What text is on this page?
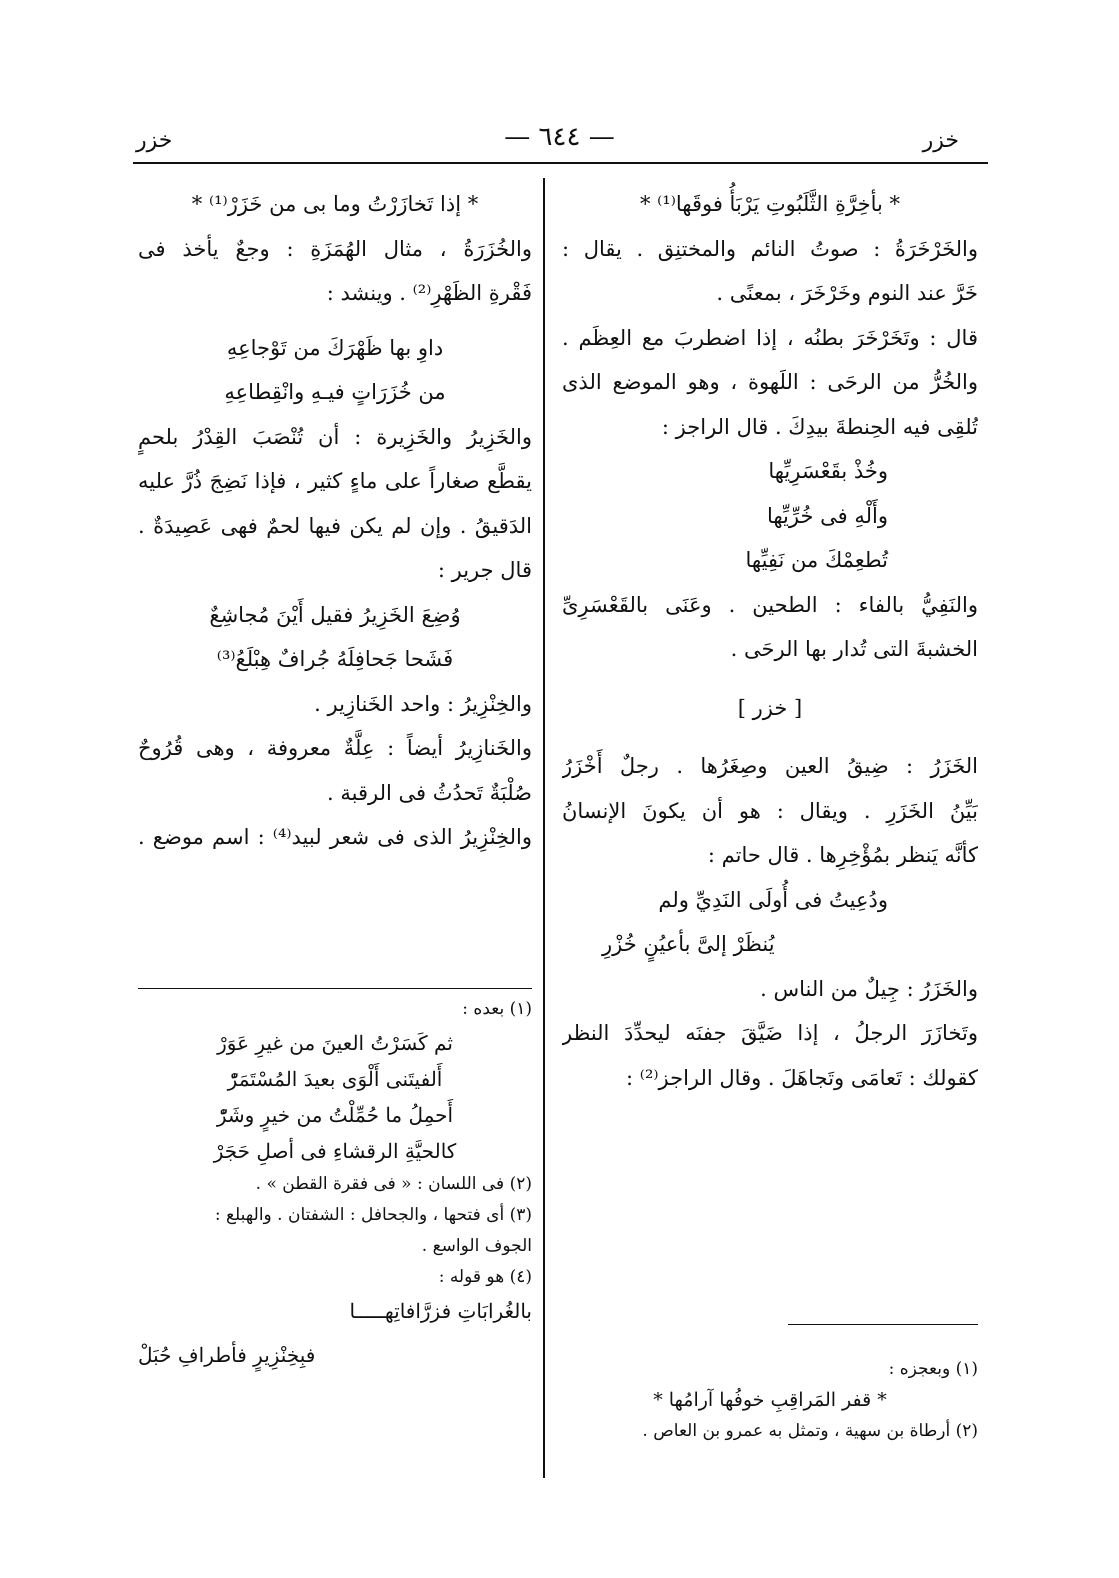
خزر
— ٦٤٤ —
خزر
* بأخِرَّةِ الثَّلَبُوتِ يَرْبَأُ فوقَها⁽¹⁾ *
والخَرْخَرَةُ : صوتُ النائم والمختنِق . يقال :
خَرَّ عند النوم وخَرْخَرَ ، بمعنًى .
قال : وتَخَرْخَرَ بطنُه ، إذا اضطربَ مع العِظَم .
والخُرُّ من الرحَى : اللَهوة ، وهو الموضع الذى
تُلقِى فيه الحِنطةَ بيدِكَ . قال الراجز :
وخُذْ بقَعْسَرِيِّها
وأَلْهِ فى خُرِّيِّها
تُطعِمْكَ من نَفِيِّها
والنَفِيُّ بالفاء : الطحين . وعَنَى بالقَعْسَرِىِّ
الخشبةَ التى تُدار بها الرحَى .
[ خزر ]
الخَزَرُ : ضِيقُ العين وصِغَرُها . رجلٌ أَخْزَرُ
بَيِّنُ الخَزَرِ . ويقال : هو أن يكونَ الإنسانُ
كأنَّه يَنظر بمُؤْخِرِها . قال حاتم :
ودُعِيتُ فى أُولَى النَدِيِّ ولم
يُنظَرْ إلىَّ بأعيُنٍ خُزْرِ
والخَزَرُ : جِيلٌ من الناس .
وتَخازَرَ الرجلُ ، إذا ضَيَّقَ جفنَه ليحدِّدَ النظر
كقولك : تَعامَى وتَجاهَلَ . وقال الراجز⁽²⁾ :
(١) وبعجزه :
* قفر المَراقِبِ خوفُها آرامُها *
(٢) أرطاة بن سهية ، وتمثل به عمرو بن العاص .
* إذا تَخازَرْتُ وما بى من خَزَرْ⁽¹⁾ *
والخُزَرَةُ ، مثال الهُمَزَةِ : وجعٌ يأخذ فى
فَقْرةِ الظَهْرِ⁽²⁾ . وينشد :
داوِ بها ظَهْرَكَ من تَوْجاعِهِ
من خُزَرَاتٍ فيـهِ وانْقِطاعِهِ
والخَزِيرُ والخَزِيرة : أن تُنْصَبَ القِدْرُ بلحمٍ
يقطَّع صغاراً على ماءٍ كثير ، فإذا نَضِجَ ذُرَّ عليه
الدَقيقُ . وإن لم يكن فيها لحمٌ فهى عَصِيدَةٌ .
قال جرير :
وُضِعَ الخَزِيرُ فقيل أَيْنَ مُجاشِعٌ
فَشَحا جَحافِلَهُ جُرافٌ هِبْلَعُ⁽³⁾
والخِنْزِيرُ : واحد الخَنازِير .
والخَنازِيرُ أيضاً : عِلَّةٌ معروفة ، وهى قُرُوحٌ
صُلْبَةٌ تَحدُثُ فى الرقبة .
والخِنْزِيرُ الذى فى شعر لبيد⁽⁴⁾ : اسم موضع .
(١) بعده :
ثم كَسَرْتُ العينَ من غيرِ عَوَرْ
أَلفيتَنى أَلْوَى بعيدَ المُسْتَمَرّْ
أَحمِلُ ما حُمِّلْتُ من خيرٍ وشَرّْ
كالحيَّةِ الرقشاءِ فى أصلِ حَجَرْ
(٢) فى اللسان : « فى فقرة القطن » .
(٣) أى فتحها ، والجحافل : الشفتان . والهبلع :
الجوف الواسع .
(٤) هو قوله :
بالغُرابَاتِ فزرَّافاتِهـــــا
فبِخِنْزِيرٍ فأطرافِ حُبَلْ
